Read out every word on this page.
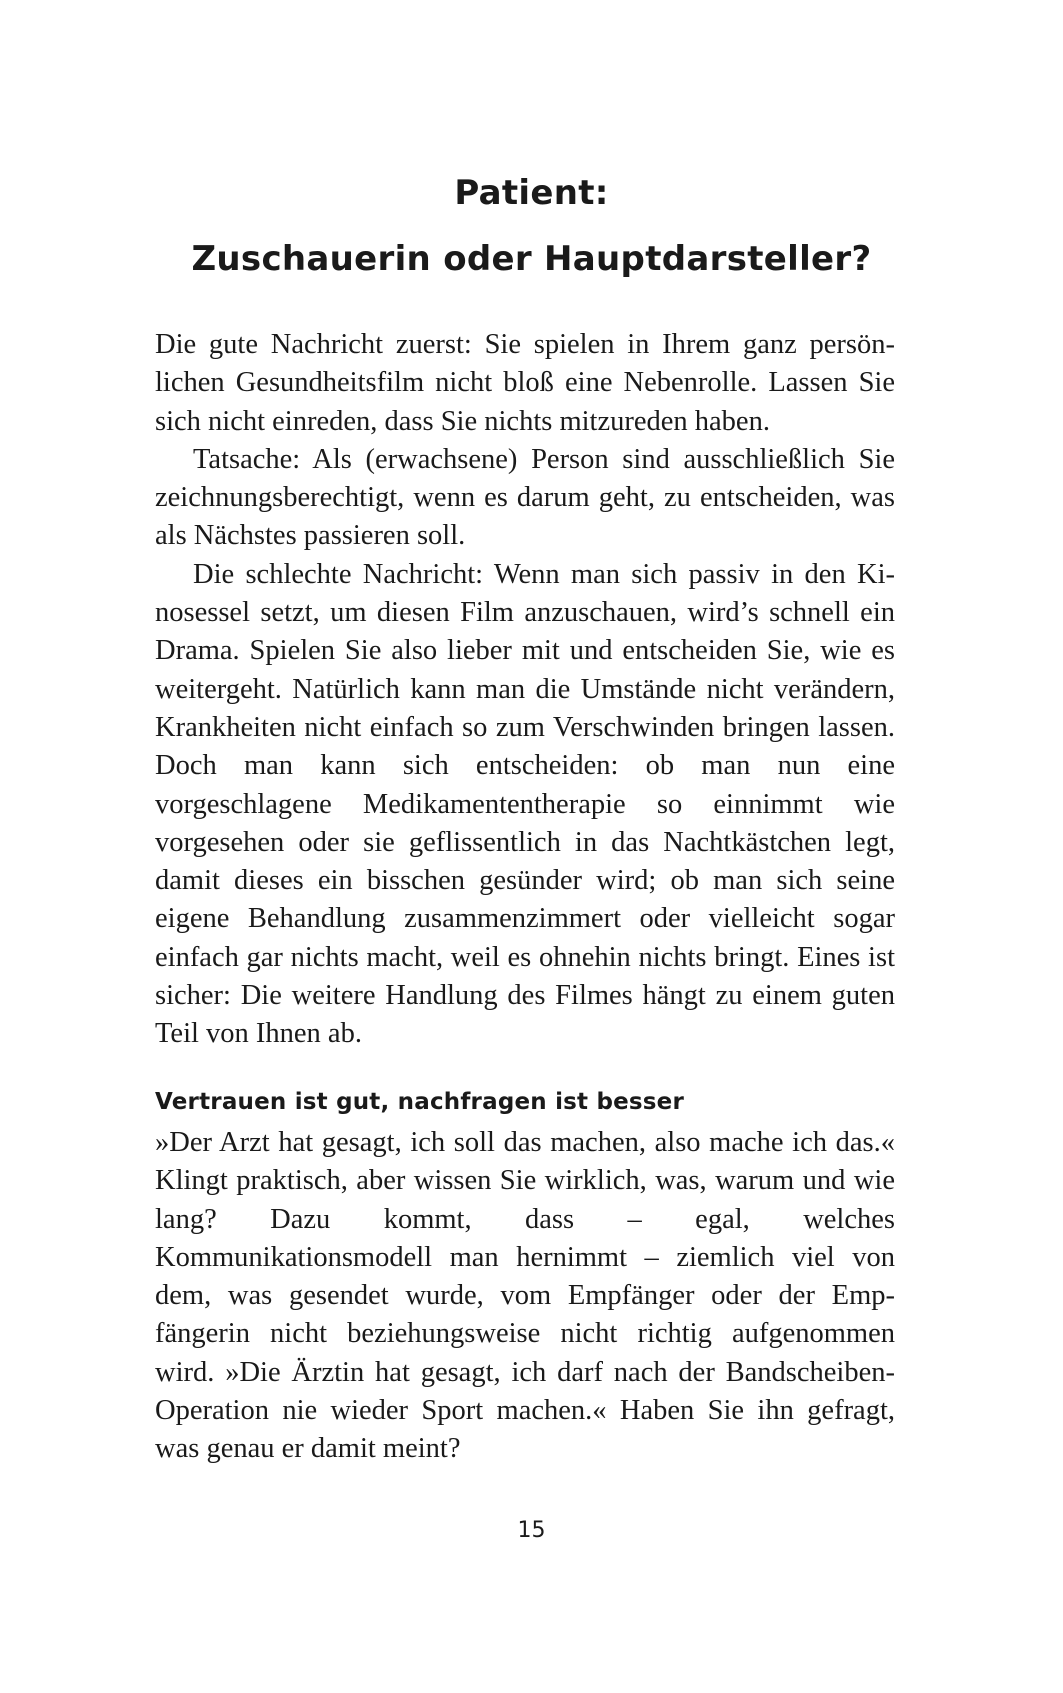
Patient:
Zuschauerin oder Hauptdarsteller?

Die gute Nachricht zuerst: Sie spielen in Ihrem ganz persönlichen Gesundheitsfilm nicht bloß eine Nebenrolle. Lassen Sie sich nicht einreden, dass Sie nichts mitzureden haben.

Tatsache: Als (erwachsene) Person sind ausschließlich Sie zeichnungsberechtigt, wenn es darum geht, zu entscheiden, was als Nächstes passieren soll.

Die schlechte Nachricht: Wenn man sich passiv in den Kinosessel setzt, um diesen Film anzuschauen, wird’s schnell ein Drama. Spielen Sie also lieber mit und entscheiden Sie, wie es weitergeht. Natürlich kann man die Umstände nicht verändern, Krankheiten nicht einfach so zum Verschwinden bringen lassen. Doch man kann sich entscheiden: ob man nun eine vorgeschlagene Medikamententherapie so einnimmt wie vorgesehen oder sie geflissentlich in das Nachtkästchen legt, damit dieses ein bisschen gesünder wird; ob man sich seine eigene Behandlung zusammenzimmert oder vielleicht sogar einfach gar nichts macht, weil es ohnehin nichts bringt. Eines ist sicher: Die weitere Handlung des Filmes hängt zu einem guten Teil von Ihnen ab.

Vertrauen ist gut, nachfragen ist besser

»Der Arzt hat gesagt, ich soll das machen, also mache ich das.« Klingt praktisch, aber wissen Sie wirklich, was, warum und wie lang? Dazu kommt, dass – egal, welches Kommunikationsmodell man hernimmt – ziemlich viel von dem, was gesendet wurde, vom Empfänger oder der Empfängerin nicht beziehungsweise nicht richtig aufgenommen wird. »Die Ärztin hat gesagt, ich darf nach der Bandscheiben-Operation nie wieder Sport machen.« Haben Sie ihn gefragt, was genau er damit meint?

15
